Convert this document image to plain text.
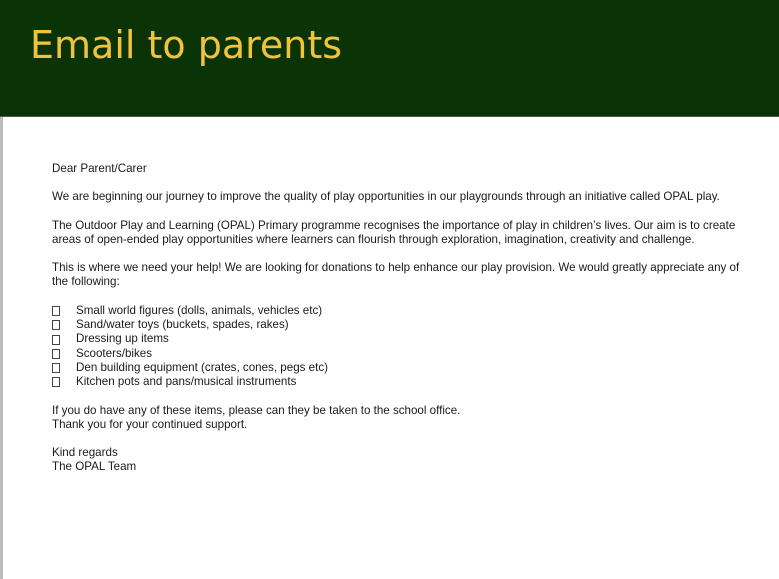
Email to parents

Dear Parent/Carer

We are beginning our journey to improve the quality of play opportunities in our playgrounds through an initiative called OPAL play.

The Outdoor Play and Learning (OPAL) Primary programme recognises the importance of play in children’s lives. Our aim is to create areas of open-ended play opportunities where learners can flourish through exploration, imagination, creativity and challenge.

This is where we need your help! We are looking for donations to help enhance our play provision. We would greatly appreciate any of the following:

Small world figures (dolls, animals, vehicles etc)
Sand/water toys (buckets, spades, rakes)
Dressing up items
Scooters/bikes
Den building equipment (crates, cones, pegs etc)
Kitchen pots and pans/musical instruments

If you do have any of these items, please can they be taken to the school office.

Thank you for your continued support.

Kind regards

The OPAL Team
